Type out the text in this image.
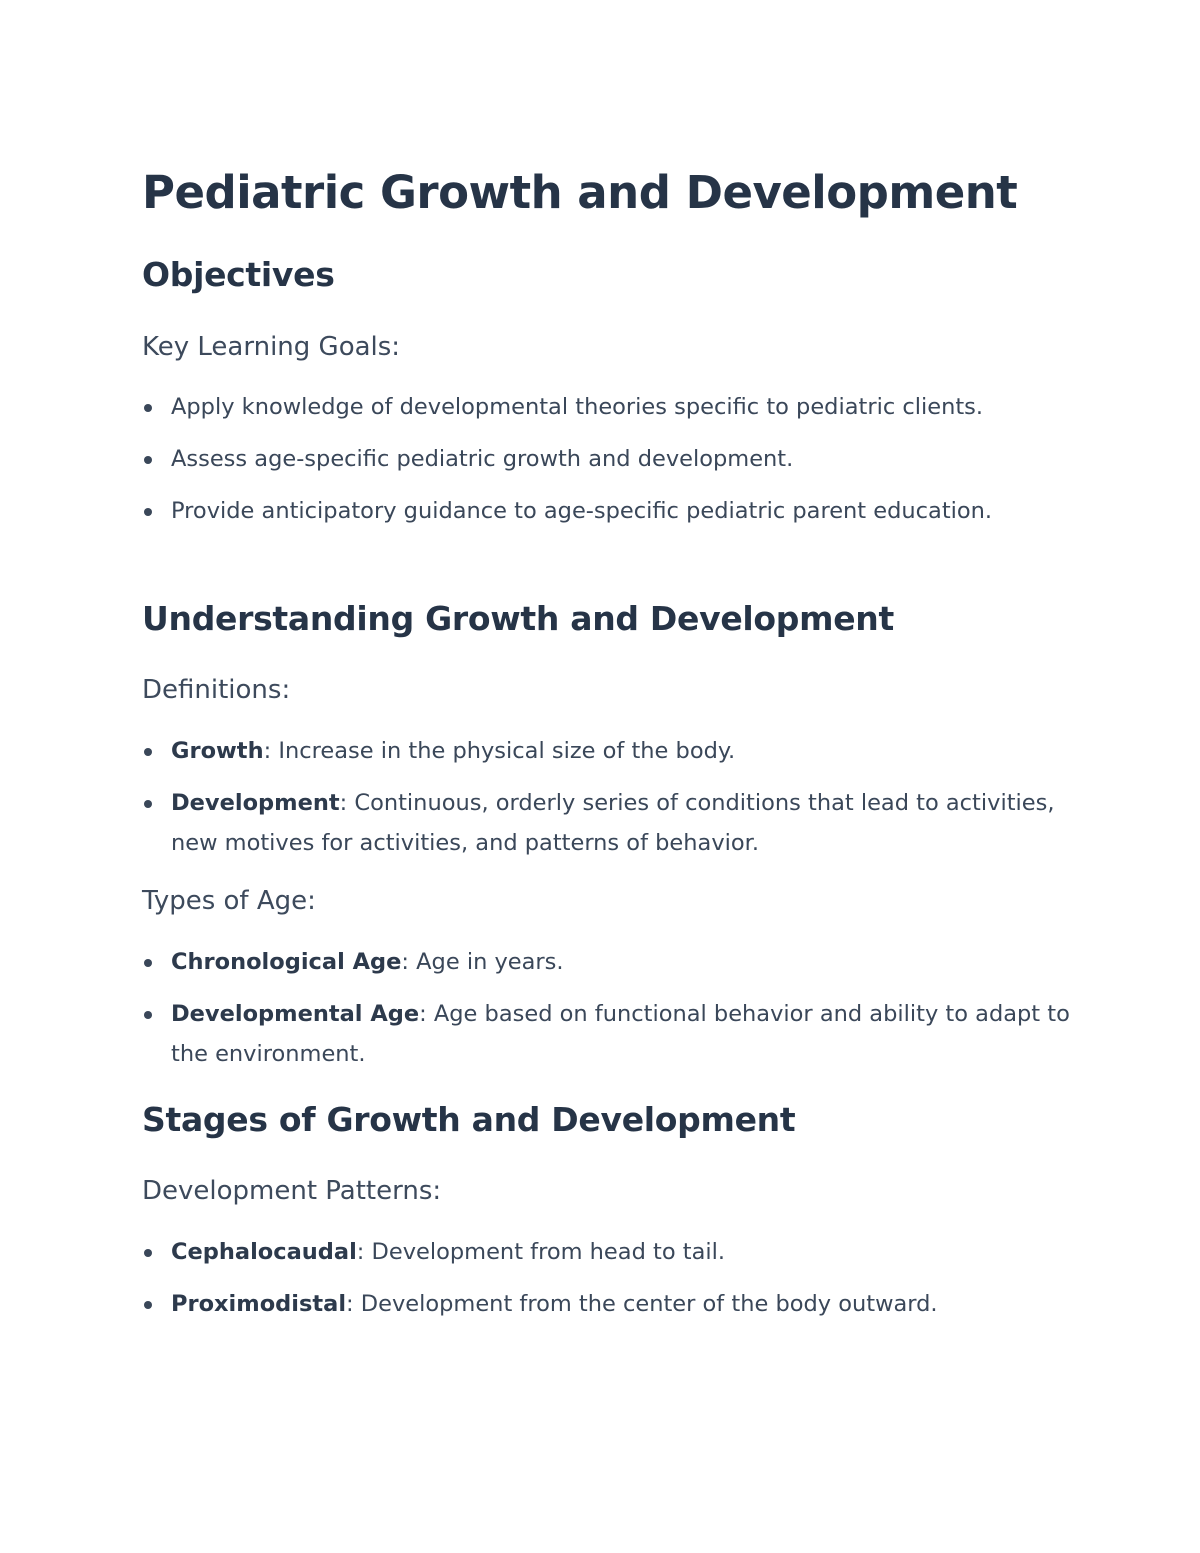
Pediatric Growth and Development
Objectives
Key Learning Goals:
Apply knowledge of developmental theories specific to pediatric clients.
Assess age-specific pediatric growth and development.
Provide anticipatory guidance to age-specific pediatric parent education.
Understanding Growth and Development
Definitions:
Growth: Increase in the physical size of the body.
Development: Continuous, orderly series of conditions that lead to activities, new motives for activities, and patterns of behavior.
Types of Age:
Chronological Age: Age in years.
Developmental Age: Age based on functional behavior and ability to adapt to the environment.
Stages of Growth and Development
Development Patterns:
Cephalocaudal: Development from head to tail.
Proximodistal: Development from the center of the body outward.
